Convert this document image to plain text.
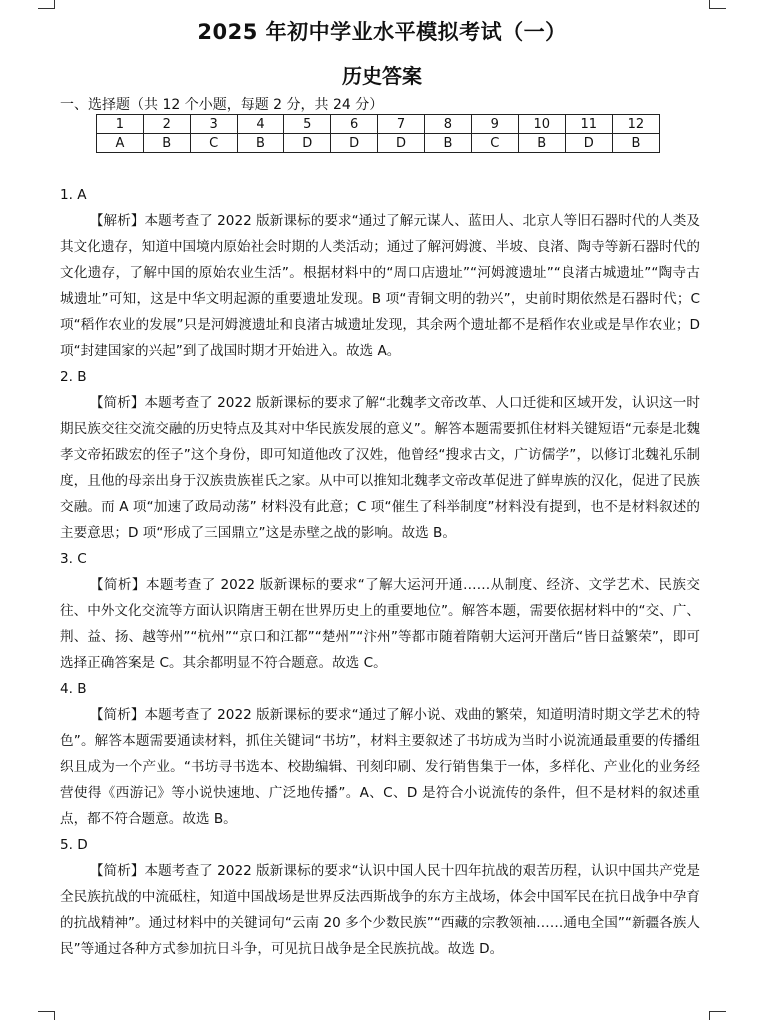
2025 年初中学业水平模拟考试（一）
历史答案
一、选择题（共 12 个小题，每题 2 分，共 24 分）
1	2	3	4	5	6	7	8	9	10	11	12
A	B	C	B	D	D	D	B	C	B	D	B
1. A
【解析】本题考查了 2022 版新课标的要求“通过了解元谋人、蓝田人、北京人等旧石器时代的人类及其文化遗存，知道中国境内原始社会时期的人类活动；通过了解河姆渡、半坡、良渚、陶寺等新石器时代的文化遗存，了解中国的原始农业生活”。根据材料中的“周口店遗址”“河姆渡遗址”“良渚古城遗址”“陶寺古城遗址”可知，这是中华文明起源的重要遗址发现。B 项“青铜文明的勃兴”，史前时期依然是石器时代；C 项“稻作农业的发展”只是河姆渡遗址和良渚古城遗址发现，其余两个遗址都不是稻作农业或是旱作农业；D 项“封建国家的兴起”到了战国时期才开始进入。故选 A。
2. B
【简析】本题考查了 2022 版新课标的要求了解“北魏孝文帝改革、人口迁徙和区域开发，认识这一时期民族交往交流交融的历史特点及其对中华民族发展的意义”。解答本题需要抓住材料关键短语“元泰是北魏孝文帝拓跋宏的侄子”这个身份，即可知道他改了汉姓，他曾经“搜求古文，广访儒学”，以修订北魏礼乐制度，且他的母亲出身于汉族贵族崔氏之家。从中可以推知北魏孝文帝改革促进了鲜卑族的汉化，促进了民族交融。而 A 项“加速了政局动荡” 材料没有此意；C 项“催生了科举制度”材料没有提到，也不是材料叙述的主要意思；D 项“形成了三国鼎立”这是赤壁之战的影响。故选 B。
3. C
【简析】本题考查了 2022 版新课标的要求“了解大运河开通……从制度、经济、文学艺术、民族交往、中外文化交流等方面认识隋唐王朝在世界历史上的重要地位”。解答本题，需要依据材料中的“交、广、荆、益、扬、越等州”“杭州”“京口和江都”“楚州”“汴州”等都市随着隋朝大运河开凿后“皆日益繁荣”，即可选择正确答案是 C。其余都明显不符合题意。故选 C。
4. B
【简析】本题考查了 2022 版新课标的要求“通过了解小说、戏曲的繁荣，知道明清时期文学艺术的特色”。解答本题需要通读材料，抓住关键词“书坊”，材料主要叙述了书坊成为当时小说流通最重要的传播组织且成为一个产业。“书坊寻书选本、校勘编辑、刊刻印刷、发行销售集于一体，多样化、产业化的业务经营使得《西游记》等小说快速地、广泛地传播”。A、C、D 是符合小说流传的条件，但不是材料的叙述重点，都不符合题意。故选 B。
5. D
【简析】本题考查了 2022 版新课标的要求“认识中国人民十四年抗战的艰苦历程，认识中国共产党是全民族抗战的中流砥柱，知道中国战场是世界反法西斯战争的东方主战场，体会中国军民在抗日战争中孕育的抗战精神”。通过材料中的关键词句“云南 20 多个少数民族”“西藏的宗教领袖……通电全国”“新疆各族人民”等通过各种方式参加抗日斗争，可见抗日战争是全民族抗战。故选 D。
